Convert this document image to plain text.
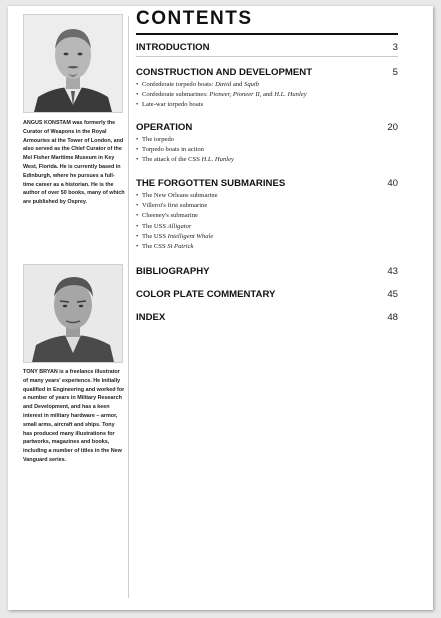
ANGUS KONSTAM was formerly the Curator of Weapons in the Royal Armouries at the Tower of London, and also served as the Chief Curator of the Mel Fisher Maritime Museum in Key West, Florida. He is currently based in Edinburgh, where he pursues a full-time career as a historian. He is the author of over 50 books, many of which are published by Osprey.

TONY BRYAN is a freelance illustrator of many years' experience. He initially qualified in Engineering and worked for a number of years in Military Research and Development, and has a keen interest in military hardware – armor, small arms, aircraft and ships. Tony has produced many illustrations for partworks, magazines and books, including a number of titles in the New Vanguard series.

CONTENTS
INTRODUCTION	3
CONSTRUCTION AND DEVELOPMENT	5
• Confederate torpedo boats: David and Squib
• Confederate submarines: Pioneer, Pioneer II, and H.L. Hunley
• Late-war torpedo boats
OPERATION	20
• The torpedo
• Torpedo boats in action
• The attack of the CSS H.L. Hunley
THE FORGOTTEN SUBMARINES	40
• The New Orleans submarine
• Villeroi's first submarine
• Cheeney's submarine
• The USS Alligator
• The USS Intelligent Whale
• The CSS St Patrick
BIBLIOGRAPHY	43
COLOR PLATE COMMENTARY	45
INDEX	48
